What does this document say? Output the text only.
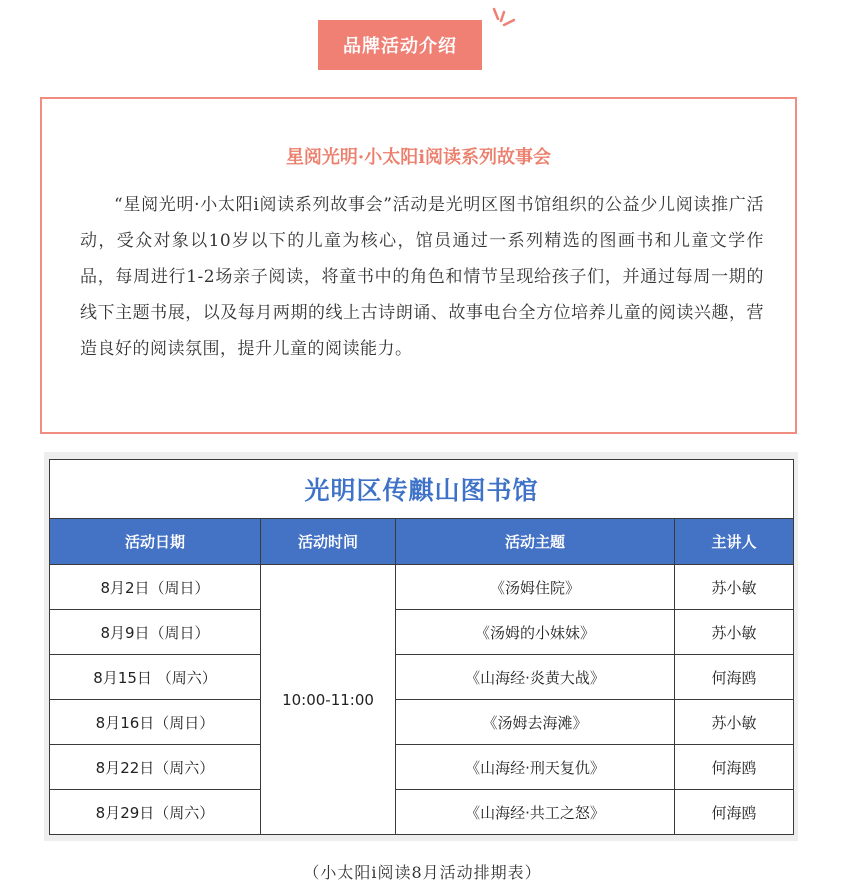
品牌活动介绍
星阅光明·小太阳i阅读系列故事会
“星阅光明·小太阳i阅读系列故事会”活动是光明区图书馆组织的公益少儿阅读推广活动，受众对象以10岁以下的儿童为核心，馆员通过一系列精选的图画书和儿童文学作品，每周进行1-2场亲子阅读，将童书中的角色和情节呈现给孩子们，并通过每周一期的线下主题书展，以及每月两期的线上古诗朗诵、故事电台全方位培养儿童的阅读兴趣，营造良好的阅读氛围，提升儿童的阅读能力。
光明区传麒山图书馆			
活动日期	活动时间	活动主题	主讲人
8月2日（周日）	10:00-11:00	《汤姆住院》	苏小敏
8月9日（周日）		《汤姆的小妹妹》	苏小敏
8月15日 （周六）		《山海经·炎黄大战》	何海鸥
8月16日（周日）		《汤姆去海滩》	苏小敏
8月22日（周六）		《山海经·刑天复仇》	何海鸥
8月29日（周六）		《山海经·共工之怒》	何海鸥
（小太阳i阅读8月活动排期表）
